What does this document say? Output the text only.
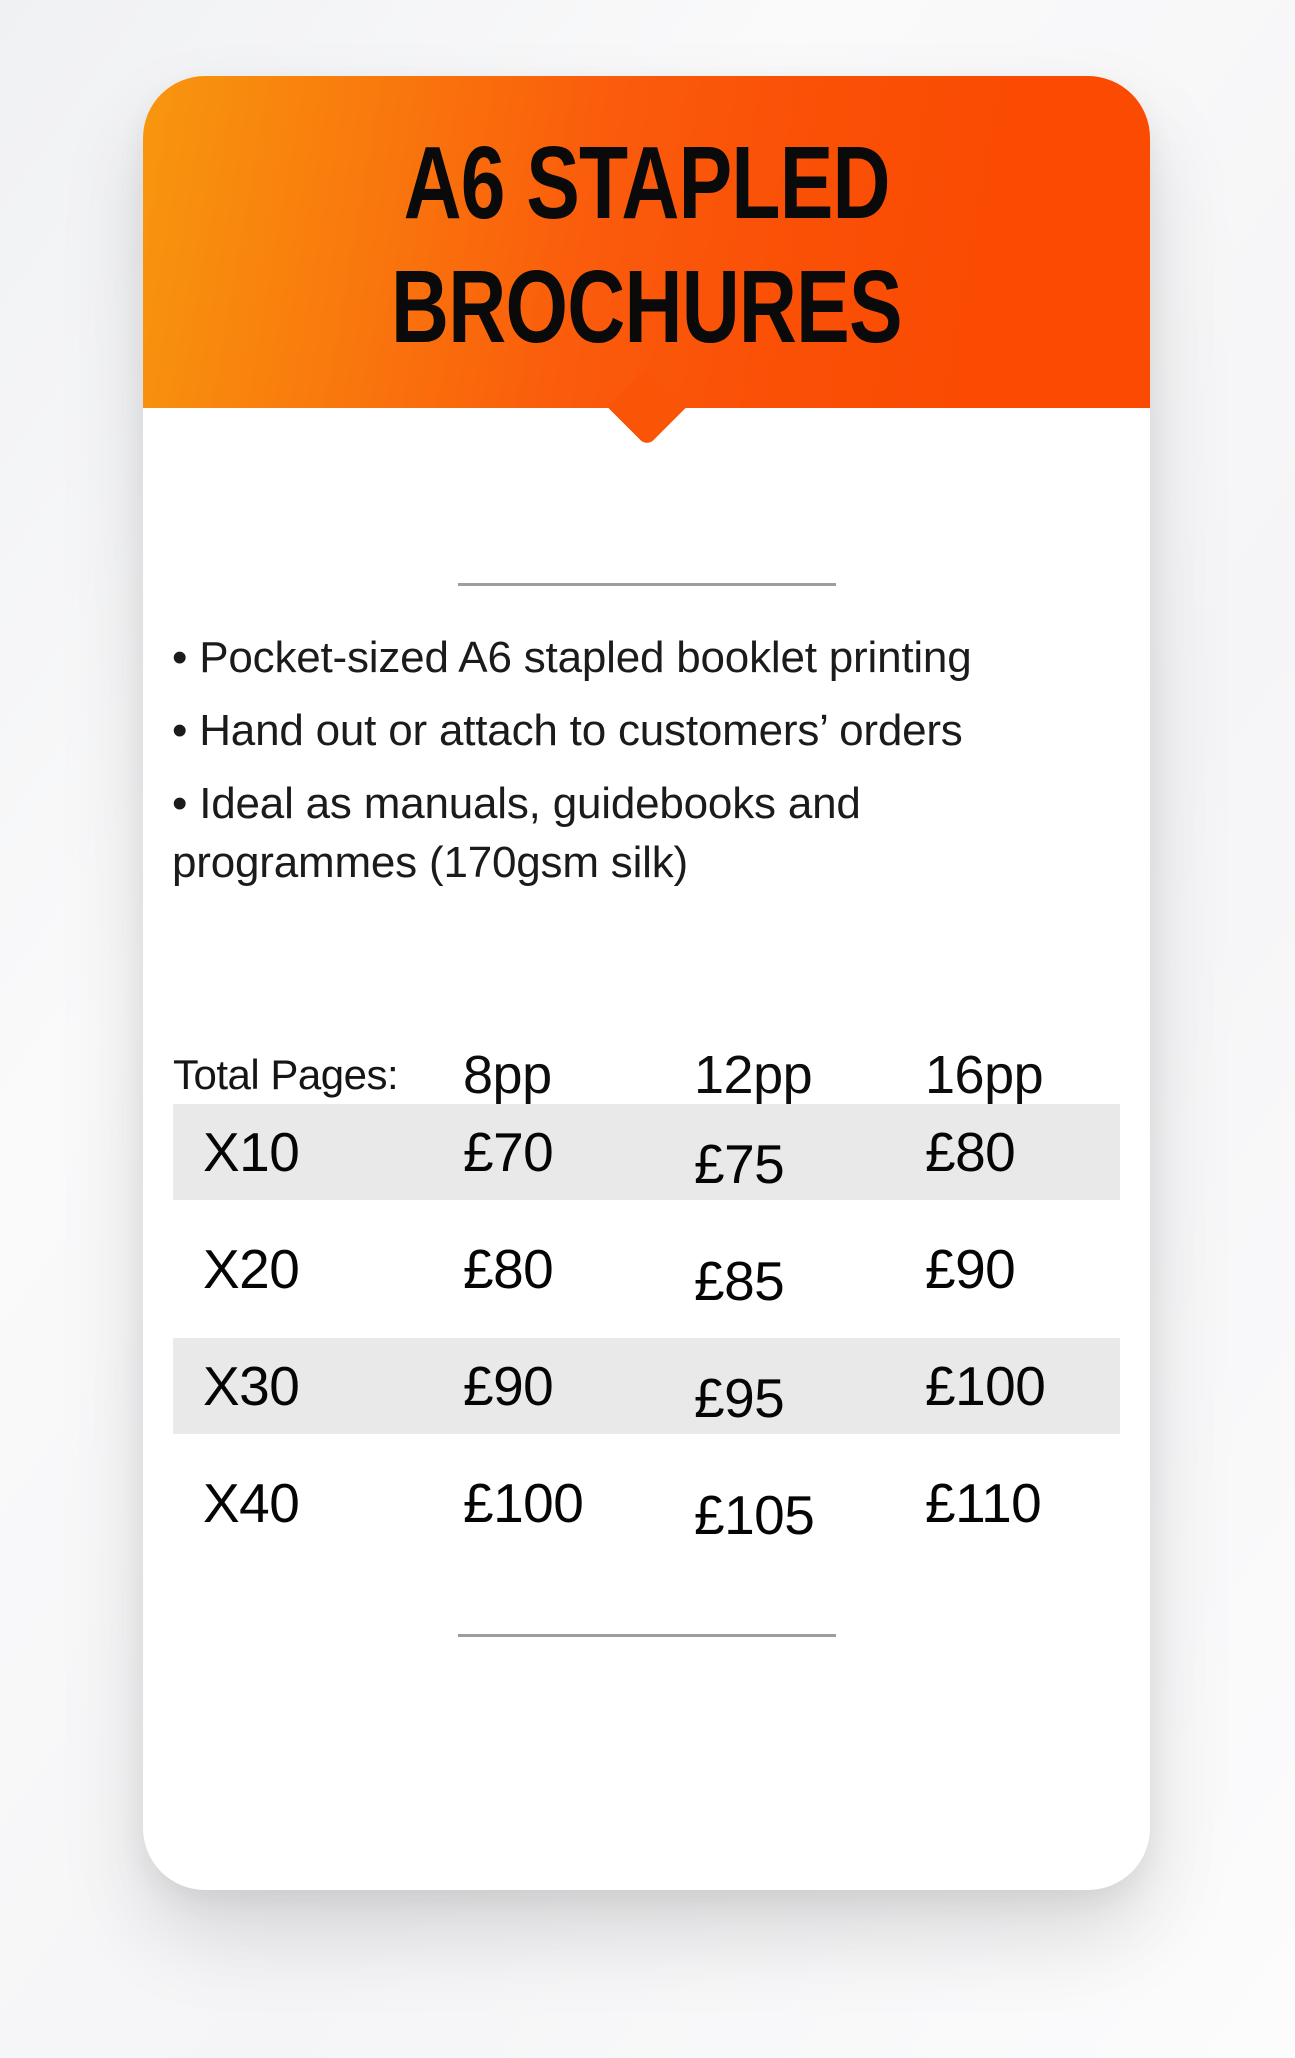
A6 STAPLED
BROCHURES

• Pocket-sized A6 stapled booklet printing

• Hand out or attach to customers’ orders

• Ideal as manuals, guidebooks and

programmes (170gsm silk)

Total Pages:	8pp	12pp	16pp
X10	£70	£75	£80
X20	£80	£85	£90
X30	£90	£95	£100
X40	£100	£105	£110
